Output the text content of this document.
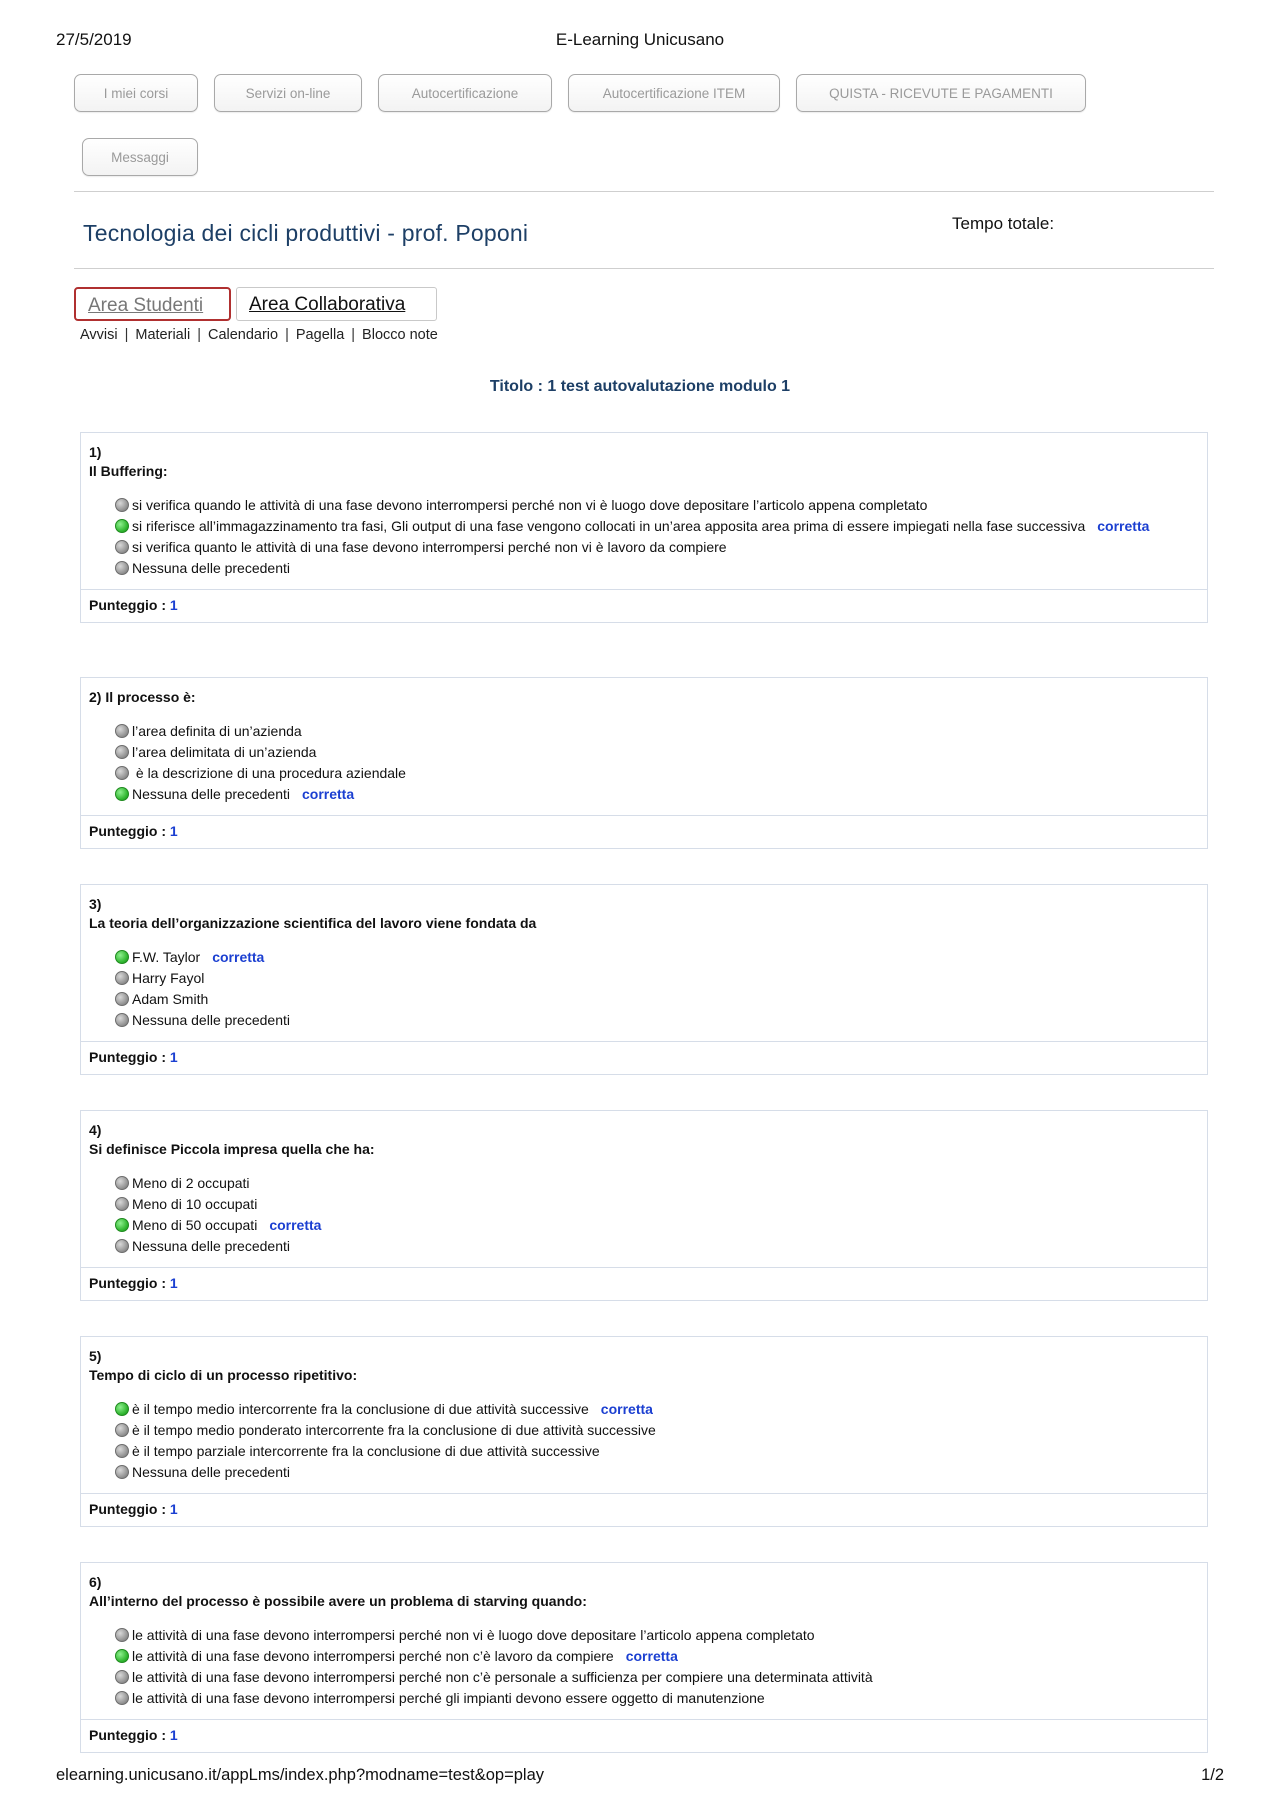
27/5/2019	E-Learning Unicusano
I miei corsi	Servizi on-line	Autocertificazione	Autocertificazione ITEM	QUISTA - RICEVUTE E PAGAMENTI
Messaggi
Tecnologia dei cicli produttivi - prof. Poponi	Tempo totale:
Area Studenti	Area Collaborativa
Avvisi | Materiali | Calendario | Pagella | Blocco note
Titolo : 1 test autovalutazione modulo 1
1)
Il Buffering:
si verifica quando le attività di una fase devono interrompersi perché non vi è luogo dove depositare l’articolo appena completato
si riferisce all’immagazzinamento tra fasi, Gli output di una fase vengono collocati in un’area apposita area prima di essere impiegati nella fase successiva corretta
si verifica quanto le attività di una fase devono interrompersi perché non vi è lavoro da compiere
Nessuna delle precedenti
Punteggio : 1
2) Il processo è:
l’area definita di un’azienda
l’area delimitata di un’azienda
è la descrizione di una procedura aziendale
Nessuna delle precedenti corretta
Punteggio : 1
3)
La teoria dell’organizzazione scientifica del lavoro viene fondata da
F.W. Taylor corretta
Harry Fayol
Adam Smith
Nessuna delle precedenti
Punteggio : 1
4)
Si definisce Piccola impresa quella che ha:
Meno di 2 occupati
Meno di 10 occupati
Meno di 50 occupati corretta
Nessuna delle precedenti
Punteggio : 1
5)
Tempo di ciclo di un processo ripetitivo:
è il tempo medio intercorrente fra la conclusione di due attività successive corretta
è il tempo medio ponderato intercorrente fra la conclusione di due attività successive
è il tempo parziale intercorrente fra la conclusione di due attività successive
Nessuna delle precedenti
Punteggio : 1
6)
All’interno del processo è possibile avere un problema di starving quando:
le attività di una fase devono interrompersi perché non vi è luogo dove depositare l’articolo appena completato
le attività di una fase devono interrompersi perché non c’è lavoro da compiere corretta
le attività di una fase devono interrompersi perché non c’è personale a sufficienza per compiere una determinata attività
le attività di una fase devono interrompersi perché gli impianti devono essere oggetto di manutenzione
Punteggio : 1
elearning.unicusano.it/appLms/index.php?modname=test&op=play	1/2
